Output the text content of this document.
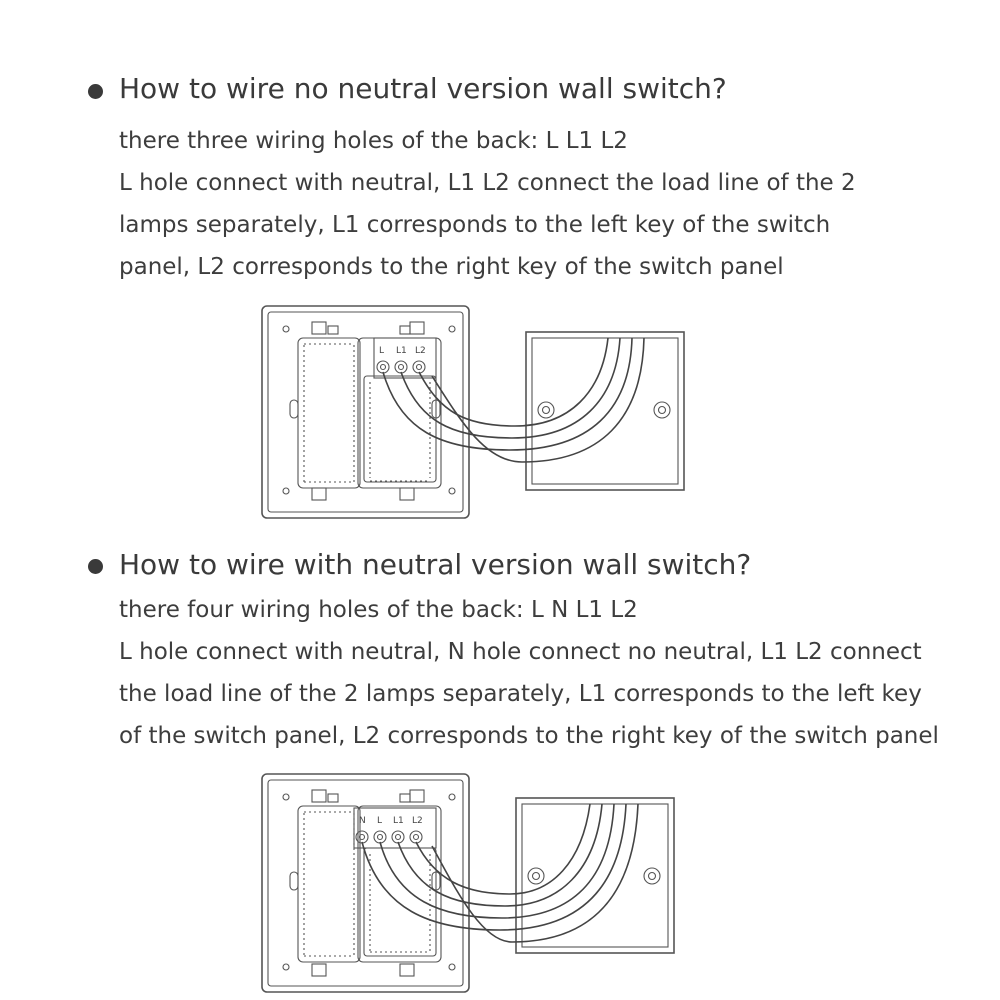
How to wire no neutral version wall switch?

there three wiring holes of the back: L L1 L2
L hole connect with neutral, L1 L2 connect the load line of the 2
lamps separately, L1 corresponds to the left key of the switch
panel, L2 corresponds to the right key of the switch panel

L L1 L2
How to wire with neutral version wall switch?

there four wiring holes of the back: L N L1 L2
L hole connect with neutral, N hole connect no neutral, L1 L2 connect
the load line of the 2 lamps separately, L1 corresponds to the left key
of the switch panel, L2 corresponds to the right key of the switch panel

N L L1 L2
